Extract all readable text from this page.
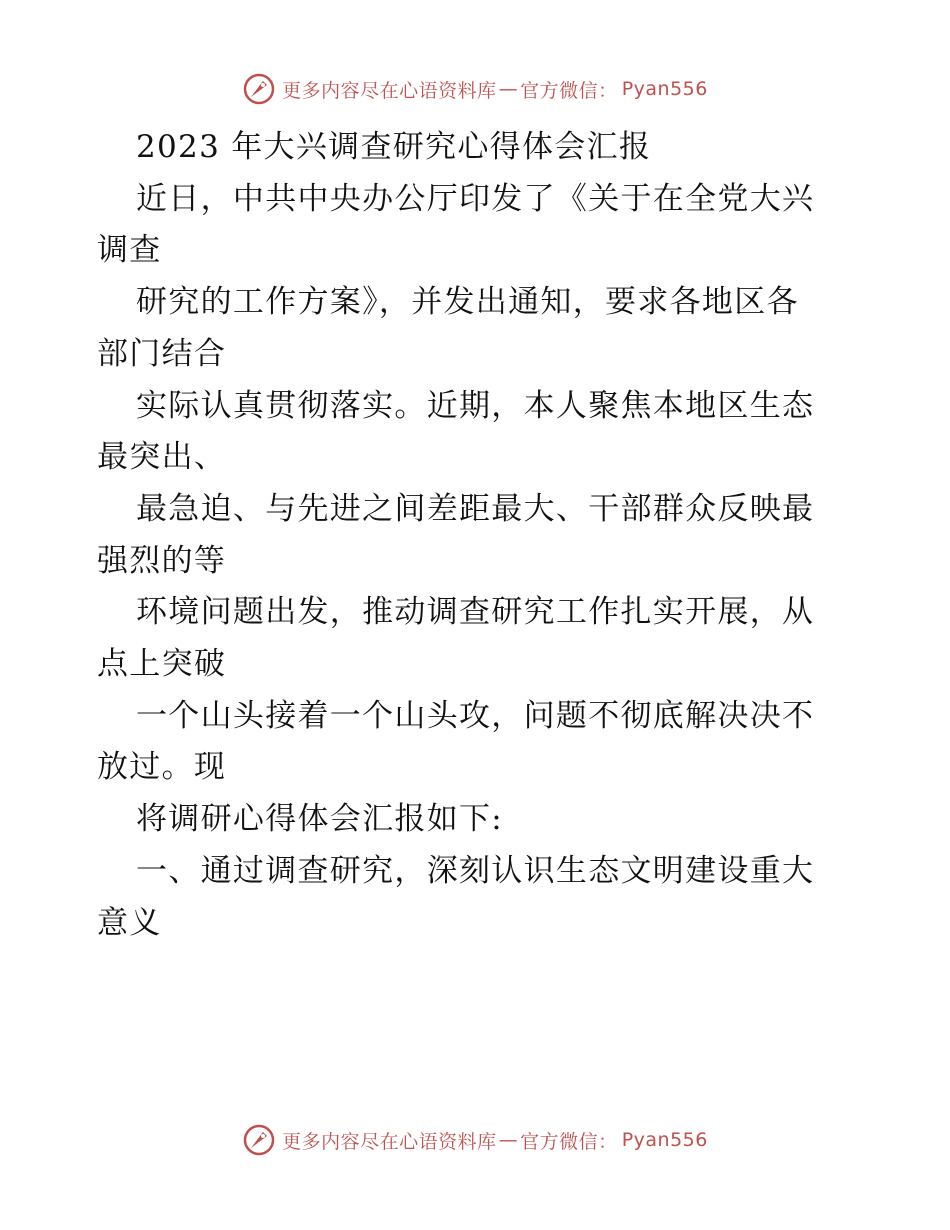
更多内容尽在心语资料库 — 官方微信： Pyan556
2023 年大兴调查研究心得体会汇报
近日，中共中央办公厅印发了《关于在全党大兴
调查
研究的工作方案》，并发出通知，要求各地区各
部门结合
实际认真贯彻落实。近期，本人聚焦本地区生态
最突出、
最急迫、与先进之间差距最大、干部群众反映最
强烈的等
环境问题出发，推动调查研究工作扎实开展，从
点上突破
一个山头接着一个山头攻，问题不彻底解决决不
放过。现
将调研心得体会汇报如下:
一、通过调查研究，深刻认识生态文明建设重大
意义
更多内容尽在心语资料库 — 官方微信： Pyan556
